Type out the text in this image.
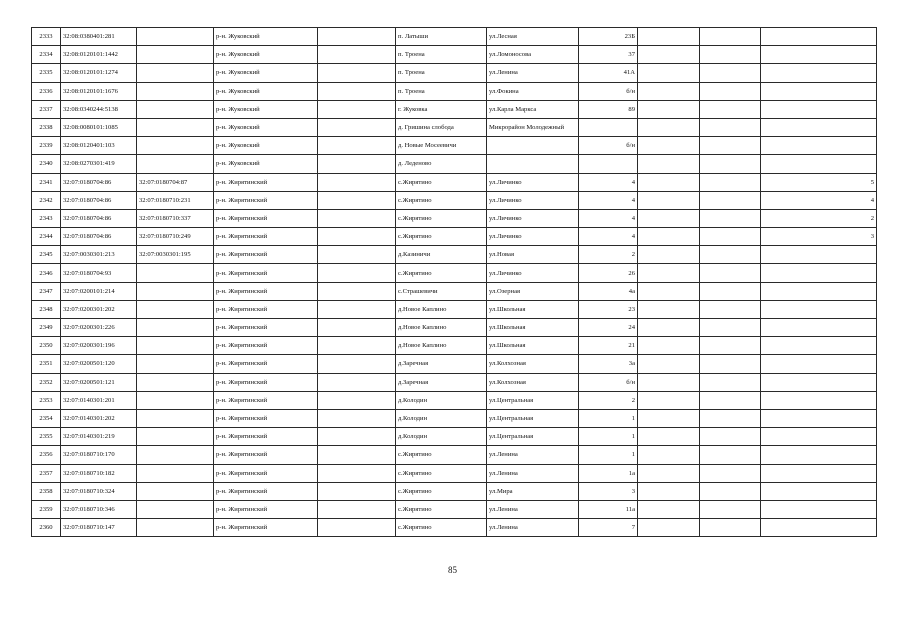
2333	32:08:0380401:281		р-н. Жуковский		п. Латыши	ул.Лесная	23Б			
2334	32:08:0120101:1442		р-н. Жуковский		п. Троена	ул.Ломоносова	37			
2335	32:08:0120101:1274		р-н. Жуковский		п. Троена	ул.Ленина	41А			
2336	32:08:0120101:1676		р-н. Жуковский		п. Троена	ул.Фокина	б/н			
2337	32:08:0340244:5138		р-н. Жуковский		г. Жуковка	ул.Карла Маркса	89			
2338	32:08:0080101:1085		р-н. Жуковский		д. Гришина слобода	Микрорайон Молодежный				
2339	32:08:0120401:103		р-н. Жуковский		д. Новые Мосеевичи		б/н			
2340	32:08:0270301:419		р-н. Жуковский		д. Леденово					
2341	32:07:0180704:86	32:07:0180704:87	р-н. Жирятинский		с.Жирятино	ул.Личинко	4			5
2342	32:07:0180704:86	32:07:0180710:231	р-н. Жирятинский		с.Жирятино	ул.Личинко	4			4
2343	32:07:0180704:86	32:07:0180710:337	р-н. Жирятинский		с.Жирятино	ул.Личинко	4			2
2344	32:07:0180704:86	32:07:0180710:249	р-н. Жирятинский		с.Жирятино	ул.Личинко	4			3
2345	32:07:0030301:213	32:07:0030301:195	р-н. Жирятинский		д.Казиничи	ул.Новая	2			
2346	32:07:0180704:93		р-н. Жирятинский		с.Жирятино	ул.Личинко	26			
2347	32:07:0200101:214		р-н. Жирятинский		с.Страшевичи	ул.Озерная	4а			
2348	32:07:0200301:202		р-н. Жирятинский		д.Новое Каплино	ул.Школьная	23			
2349	32:07:0200301:226		р-н. Жирятинский		д.Новое Каплино	ул.Школьная	24			
2350	32:07:0200301:196		р-н. Жирятинский		д.Новое Каплино	ул.Школьная	21			
2351	32:07:0200501:120		р-н. Жирятинский		д.Заречная	ул.Колхозная	3а			
2352	32:07:0200501:121		р-н. Жирятинский		д.Заречная	ул.Колхозная	б/н			
2353	32:07:0140301:201		р-н. Жирятинский		д.Колодин	ул.Центральная	2			
2354	32:07:0140301:202		р-н. Жирятинский		д.Колодин	ул.Центральная	1			
2355	32:07:0140301:219		р-н. Жирятинский		д.Колодин	ул.Центральная	1			
2356	32:07:0180710:170		р-н. Жирятинский		с.Жирятино	ул.Ленина	1			
2357	32:07:0180710:182		р-н. Жирятинский		с.Жирятино	ул.Ленина	1а			
2358	32:07:0180710:324		р-н. Жирятинский		с.Жирятино	ул.Мира	3			
2359	32:07:0180710:346		р-н. Жирятинский		с.Жирятино	ул.Ленина	11а			
2360	32:07:0180710:147		р-н. Жирятинский		с.Жирятино	ул.Ленина	7			
85
